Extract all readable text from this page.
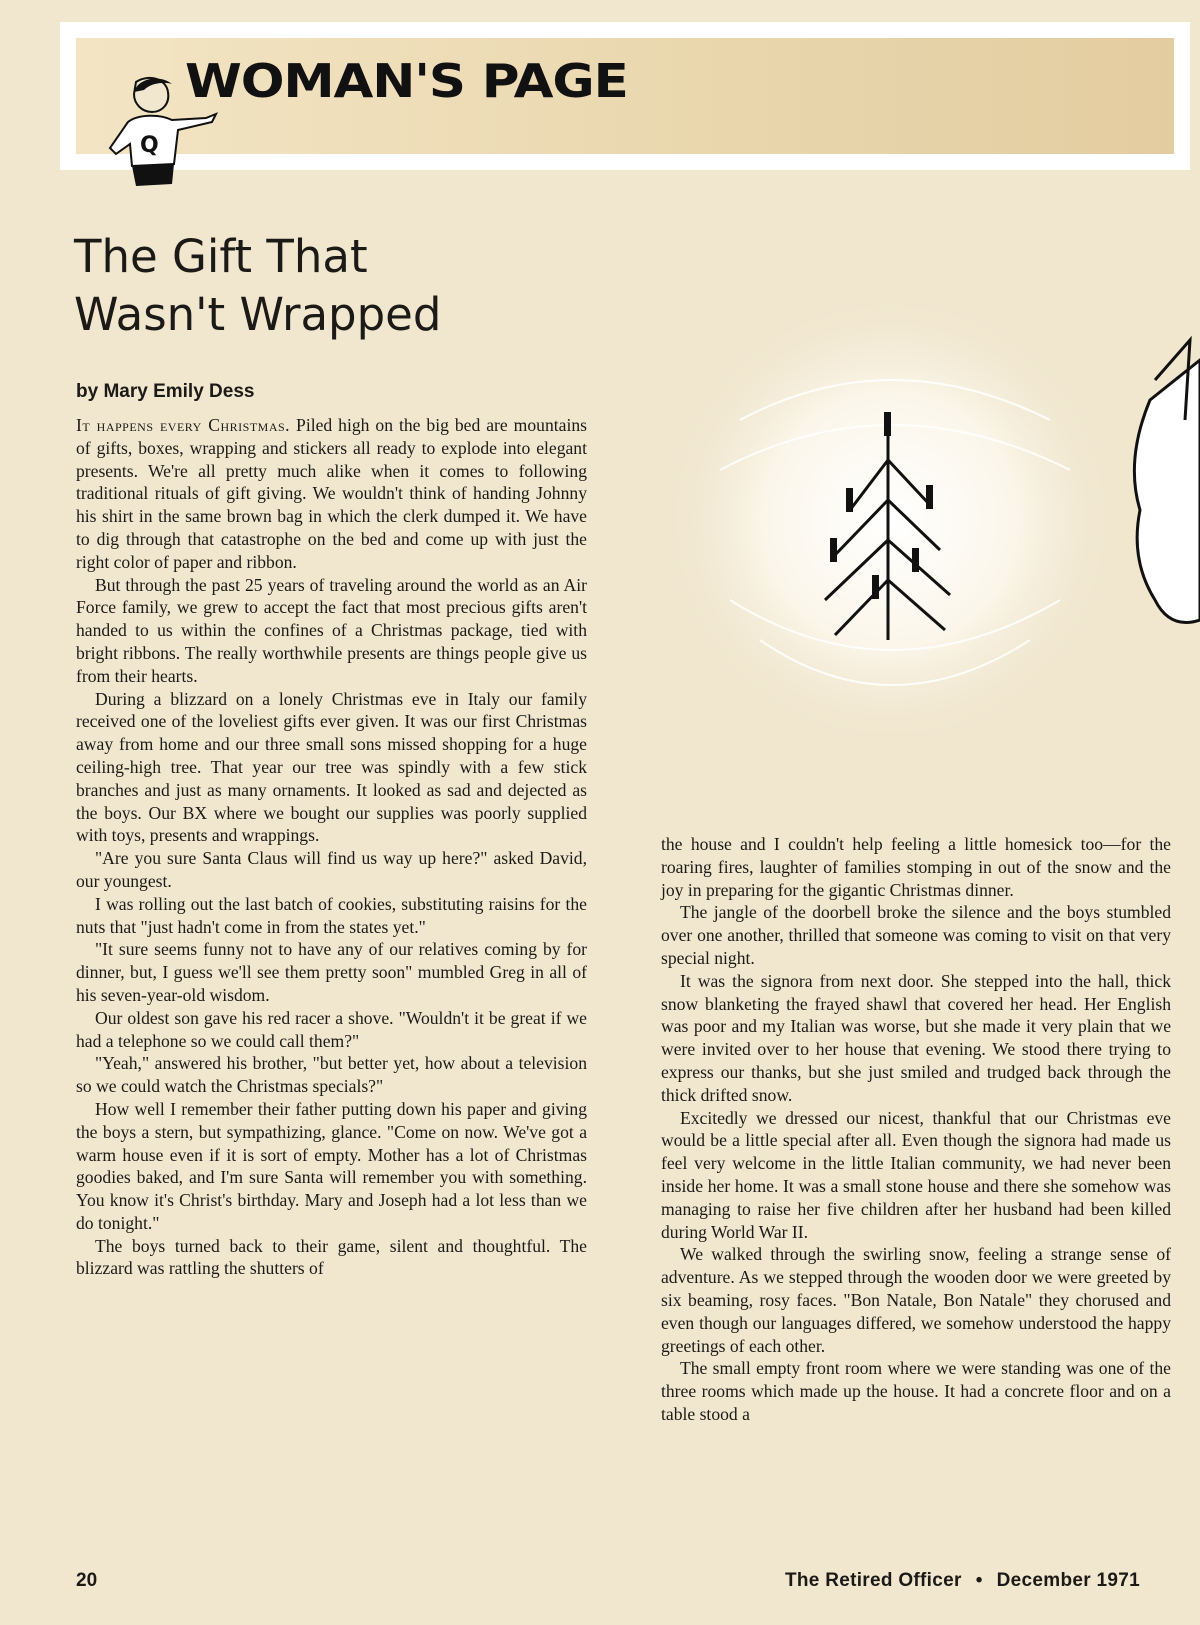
WOMAN'S PAGE
Q
The Gift That
Wasn't Wrapped
by Mary Emily Dess

It happens every Christmas. Piled high on the big bed are mountains of gifts, boxes, wrapping and stickers all ready to explode into elegant presents. We're all pretty much alike when it comes to following traditional rituals of gift giving. We wouldn't think of handing Johnny his shirt in the same brown bag in which the clerk dumped it. We have to dig through that catastrophe on the bed and come up with just the right color of paper and ribbon.

But through the past 25 years of traveling around the world as an Air Force family, we grew to accept the fact that most precious gifts aren't handed to us within the confines of a Christmas package, tied with bright ribbons. The really worthwhile presents are things people give us from their hearts.

During a blizzard on a lonely Christmas eve in Italy our family received one of the loveliest gifts ever given. It was our first Christmas away from home and our three small sons missed shopping for a huge ceiling-high tree. That year our tree was spindly with a few stick branches and just as many ornaments. It looked as sad and dejected as the boys. Our BX where we bought our supplies was poorly supplied with toys, presents and wrappings.

"Are you sure Santa Claus will find us way up here?" asked David, our youngest.

I was rolling out the last batch of cookies, substituting raisins for the nuts that "just hadn't come in from the states yet."

"It sure seems funny not to have any of our relatives coming by for dinner, but, I guess we'll see them pretty soon" mumbled Greg in all of his seven-year-old wisdom.

Our oldest son gave his red racer a shove. "Wouldn't it be great if we had a telephone so we could call them?"

"Yeah," answered his brother, "but better yet, how about a television so we could watch the Christmas specials?"

How well I remember their father putting down his paper and giving the boys a stern, but sympathizing, glance. "Come on now. We've got a warm house even if it is sort of empty. Mother has a lot of Christmas goodies baked, and I'm sure Santa will remember you with something. You know it's Christ's birthday. Mary and Joseph had a lot less than we do tonight."

The boys turned back to their game, silent and thoughtful. The blizzard was rattling the shutters of

the house and I couldn't help feeling a little homesick too—for the roaring fires, laughter of families stomping in out of the snow and the joy in preparing for the gigantic Christmas dinner.

The jangle of the doorbell broke the silence and the boys stumbled over one another, thrilled that someone was coming to visit on that very special night.

It was the signora from next door. She stepped into the hall, thick snow blanketing the frayed shawl that covered her head. Her English was poor and my Italian was worse, but she made it very plain that we were invited over to her house that evening. We stood there trying to express our thanks, but she just smiled and trudged back through the thick drifted snow.

Excitedly we dressed our nicest, thankful that our Christmas eve would be a little special after all. Even though the signora had made us feel very welcome in the little Italian community, we had never been inside her home. It was a small stone house and there she somehow was managing to raise her five children after her husband had been killed during World War II.

We walked through the swirling snow, feeling a strange sense of adventure. As we stepped through the wooden door we were greeted by six beaming, rosy faces. "Bon Natale, Bon Natale" they chorused and even though our languages differed, we somehow understood the happy greetings of each other.

The small empty front room where we were standing was one of the three rooms which made up the house. It had a concrete floor and on a table stood a

20	The Retired Officer • December 1971
